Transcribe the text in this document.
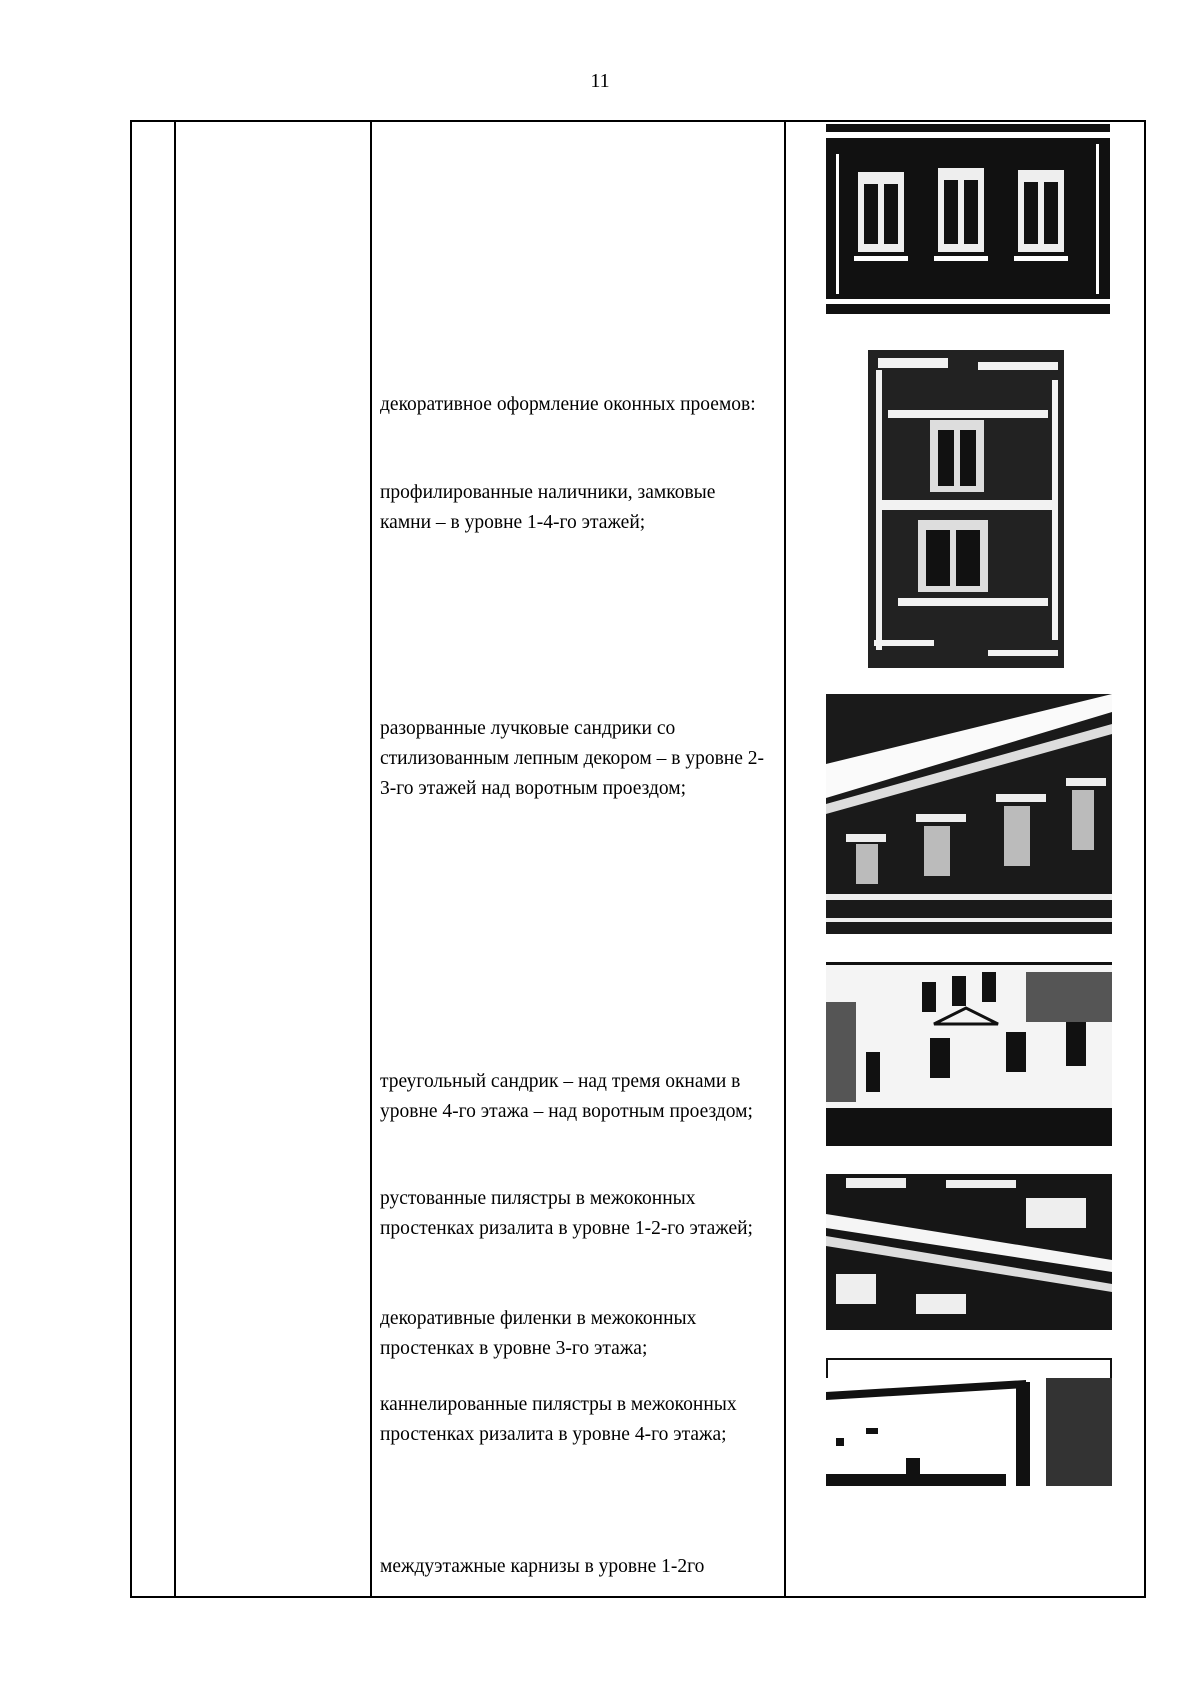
11
декоративное оформление оконных проемов:
профилированные наличники, замковые камни – в уровне 1-4-го этажей;
разорванные лучковые сандрики со стилизованным лепным декором – в уровне 2-3-го этажей над воротным проездом;
треугольный сандрик – над тремя окнами в уровне 4-го этажа – над воротным проездом;
рустованные пилястры в межоконных простенках ризалита в уровне 1-2-го этажей;
декоративные филенки в межоконных простенках в уровне 3-го этажа;
каннелированные пилястры в межоконных простенках ризалита в уровне 4-го этажа;
междуэтажные карнизы в уровне 1-2го
